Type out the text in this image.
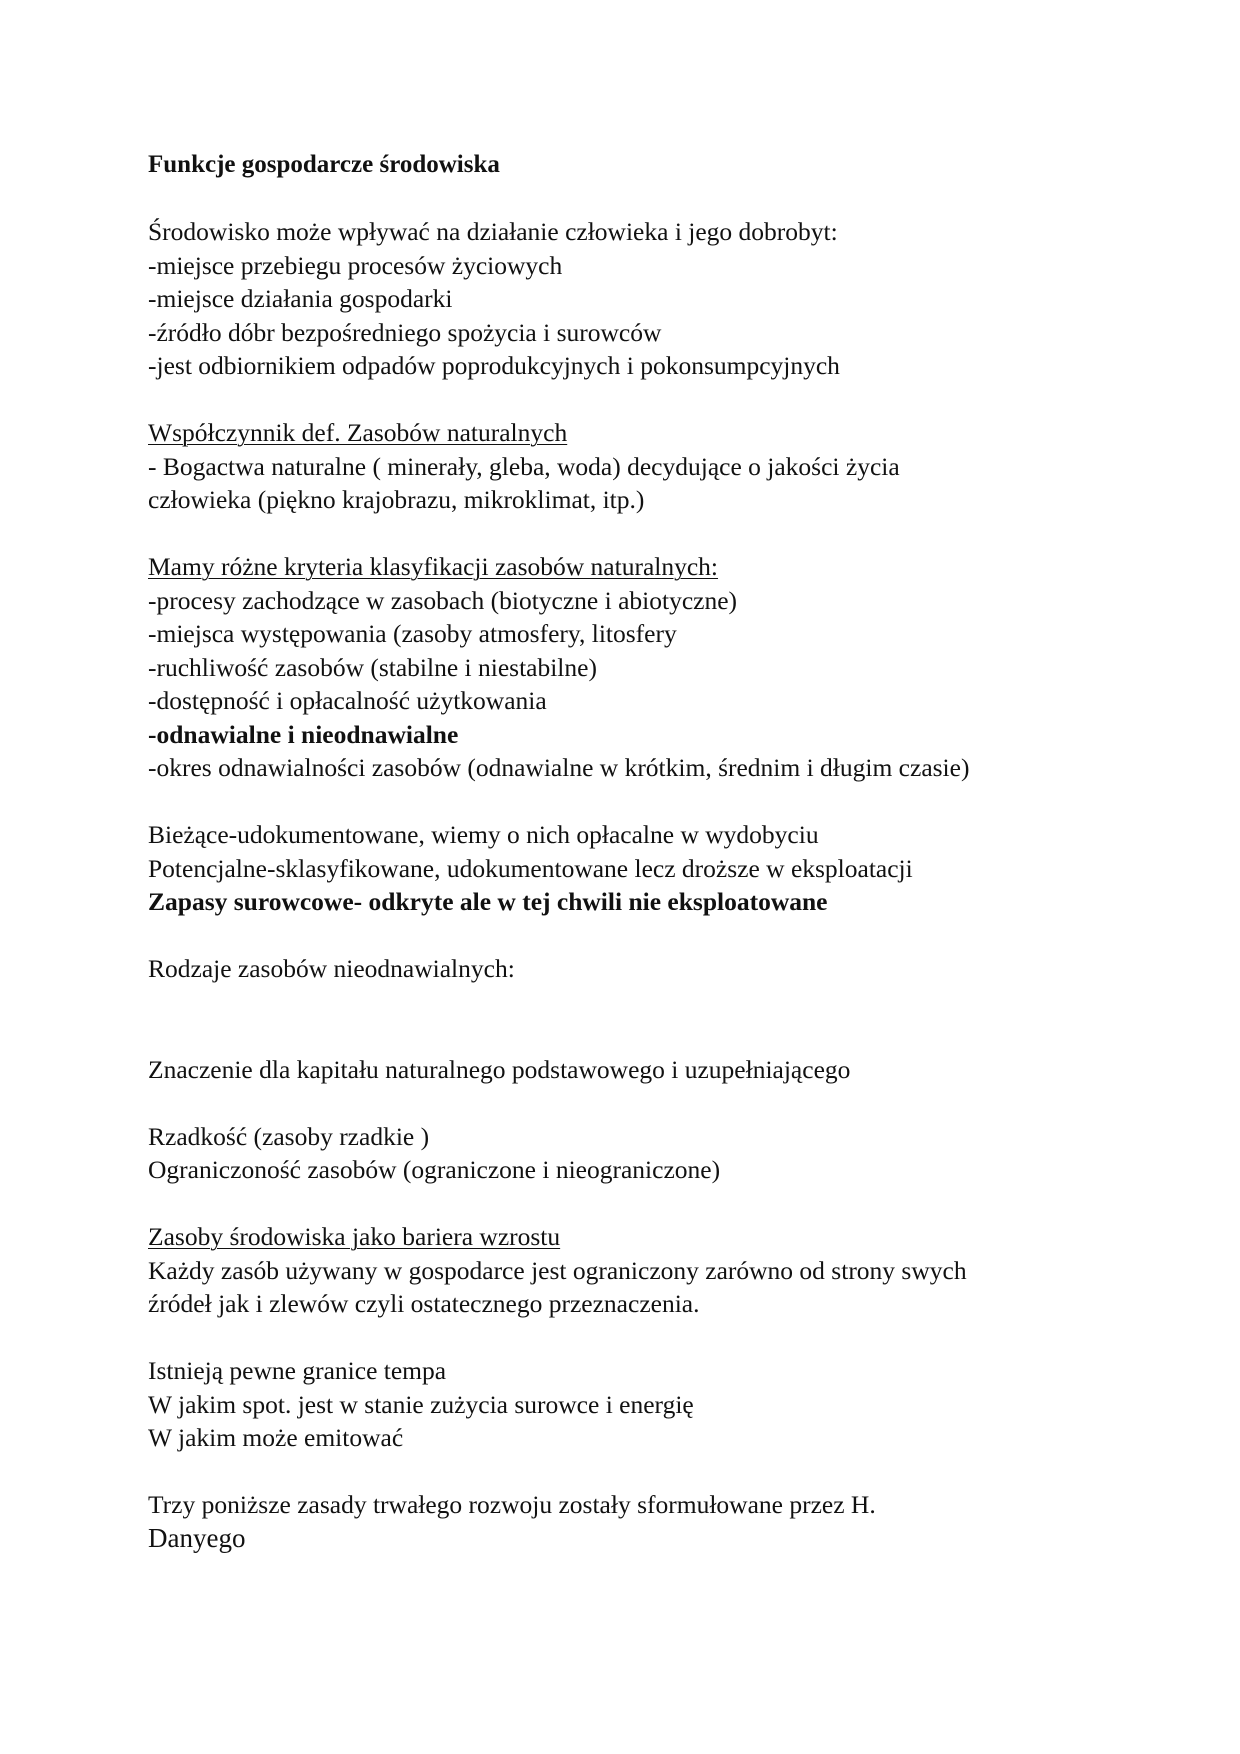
Funkcje gospodarcze środowiska
Środowisko może wpływać na działanie człowieka i jego dobrobyt:
-miejsce przebiegu procesów życiowych
-miejsce działania gospodarki
-źródło dóbr bezpośredniego spożycia i surowców
-jest odbiornikiem odpadów poprodukcyjnych i pokonsumpcyjnych
Współczynnik def. Zasobów naturalnych
- Bogactwa naturalne ( minerały, gleba, woda) decydujące o jakości życia
człowieka (piękno krajobrazu, mikroklimat, itp.)
Mamy różne kryteria klasyfikacji zasobów naturalnych:
-procesy zachodzące w zasobach (biotyczne i abiotyczne)
-miejsca występowania (zasoby atmosfery, litosfery
-ruchliwość zasobów (stabilne i niestabilne)
-dostępność i opłacalność użytkowania
-odnawialne i nieodnawialne
-okres odnawialności zasobów (odnawialne w krótkim, średnim i długim czasie)
Bieżące-udokumentowane, wiemy o nich opłacalne w wydobyciu
Potencjalne-sklasyfikowane, udokumentowane lecz droższe w eksploatacji
Zapasy surowcowe- odkryte ale w tej chwili nie eksploatowane
Rodzaje zasobów nieodnawialnych:
Znaczenie dla kapitału naturalnego podstawowego i uzupełniającego
Rzadkość (zasoby rzadkie )
Ograniczoność zasobów (ograniczone i nieograniczone)
Zasoby środowiska jako bariera wzrostu
Każdy zasób używany w gospodarce jest ograniczony zarówno od strony swych
źródeł jak i zlewów czyli ostatecznego przeznaczenia.
Istnieją pewne granice tempa
W jakim spot. jest w stanie zużycia surowce i energię
W jakim może emitować
Trzy poniższe zasady trwałego rozwoju zostały sformułowane przez H.
Danyego
